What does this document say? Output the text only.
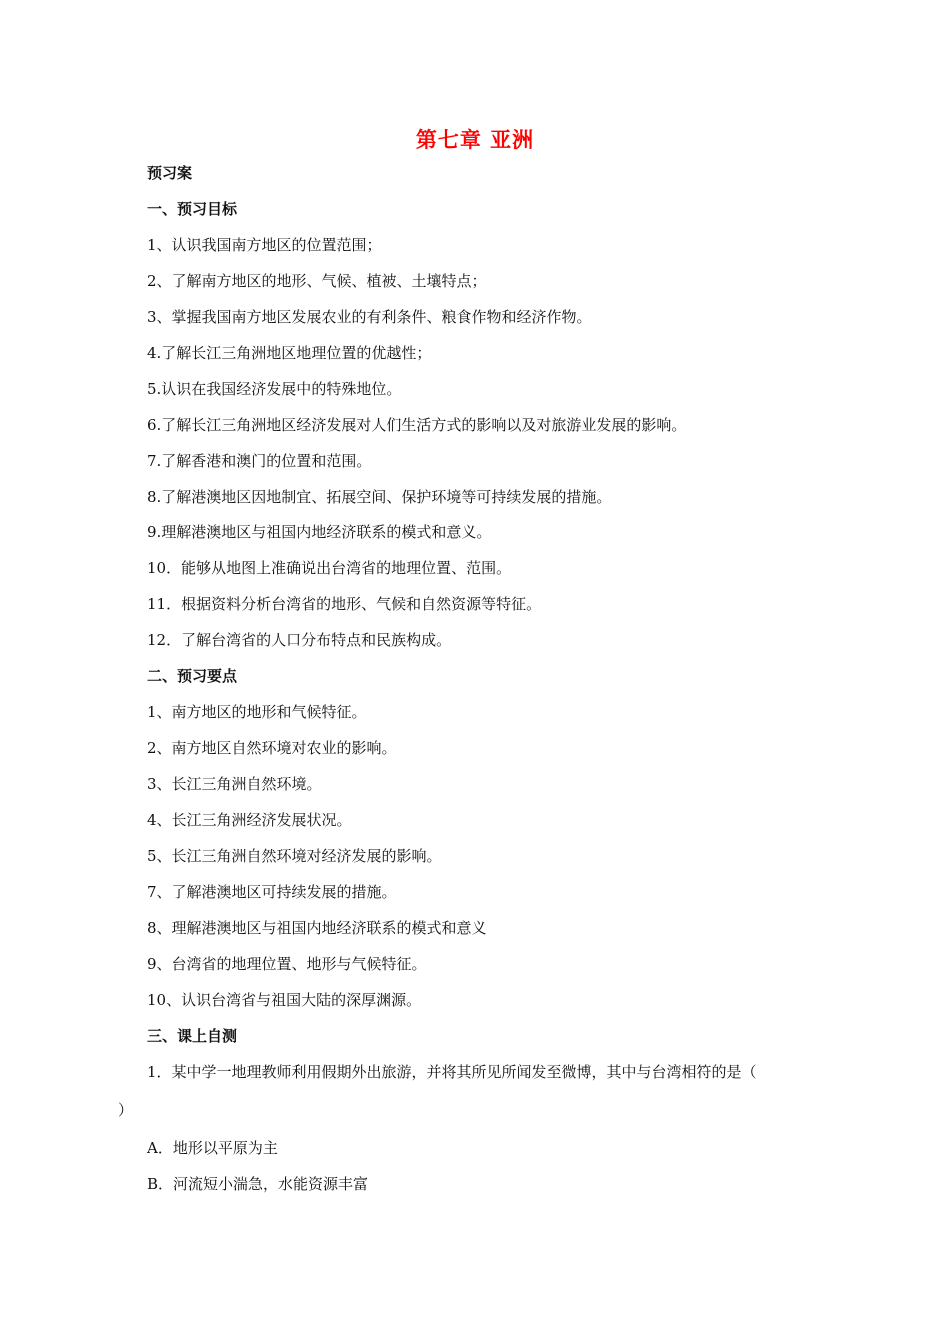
第七章 亚洲
预习案
一、预习目标
1、认识我国南方地区的位置范围；
2、了解南方地区的地形、气候、植被、土壤特点；
3、掌握我国南方地区发展农业的有利条件、粮食作物和经济作物。
4.了解长江三角洲地区地理位置的优越性；
5.认识在我国经济发展中的特殊地位。
6.了解长江三角洲地区经济发展对人们生活方式的影响以及对旅游业发展的影响。
7.了解香港和澳门的位置和范围。
8.了解港澳地区因地制宜、拓展空间、保护环境等可持续发展的措施。
9.理解港澳地区与祖国内地经济联系的模式和意义。
10．能够从地图上准确说出台湾省的地理位置、范围。
11．根据资料分析台湾省的地形、气候和自然资源等特征。
12．了解台湾省的人口分布特点和民族构成。
二、预习要点
1、南方地区的地形和气候特征。
2、南方地区自然环境对农业的影响。
3、长江三角洲自然环境。
4、长江三角洲经济发展状况。
5、长江三角洲自然环境对经济发展的影响。
7、了解港澳地区可持续发展的措施。
8、理解港澳地区与祖国内地经济联系的模式和意义
9、台湾省的地理位置、地形与气候特征。
10、认识台湾省与祖国大陆的深厚渊源。
三、课上自测
1．某中学一地理教师利用假期外出旅游，并将其所见所闻发至微博，其中与台湾相符的是（
）
A．地形以平原为主
B．河流短小湍急，水能资源丰富
